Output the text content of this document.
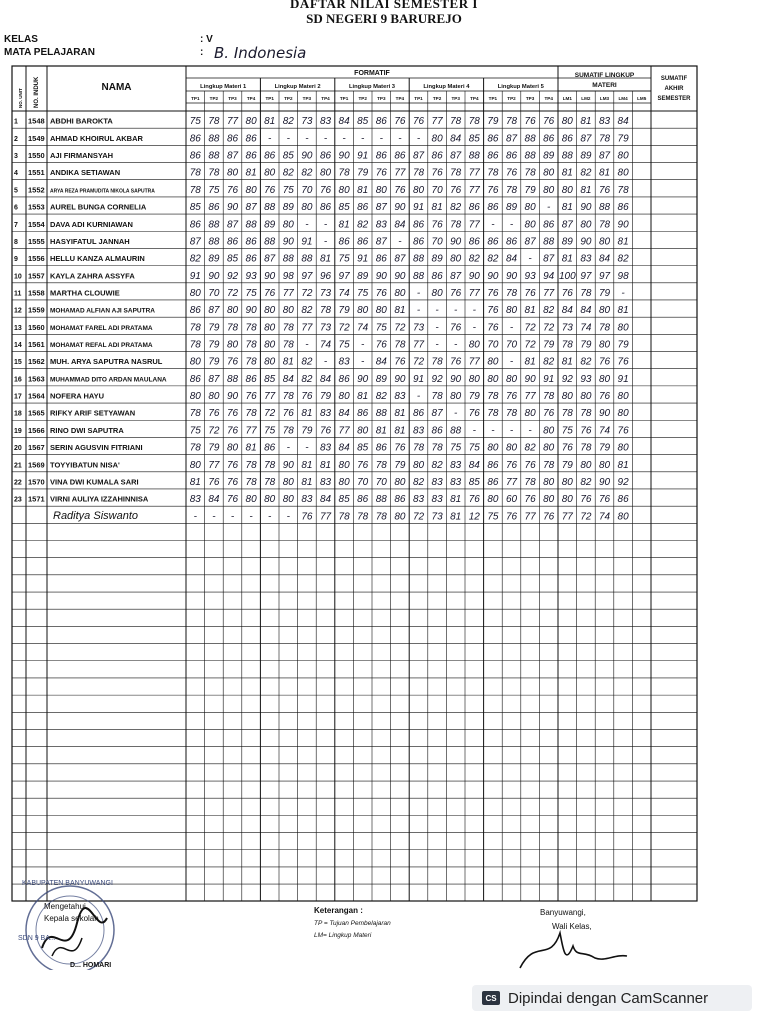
DAFTAR NILAI SEMESTER I
SD NEGERI 9 BARUREJO
KELAS	: V
MATA PELAJARAN	: B. Indonesia
NAMA
NO. UNIT NO. INDUK
FORMATIF	SUMATIF LINGKUP
MATERI
SUMATIF
AKHIR
SEMESTER
Lingkup Materi 1	Lingkup Materi 2	Lingkup Materi 3	Lingkup Materi 4	Lingkup Materi 5
TP1 TP2 TP3 TP4 TP1 TP2 TP3 TP4 TP1 TP2 TP3 TP4 TP1 TP2 TP3 TP4 TP1 TP2 TP3 TP4 LM1 LM2 LM3 LM4 LM5
1 1548 ABDHI BAROKTA	75 78 77 80 81 82 73 83 84 85 86 76 76 77 78 78 79 78 76 76 80 81 83 84
2 1549 AHMAD KHOIRUL AKBAR	86 88 86 86 - - - - - - - - - 80 84 85 86 87 88 86 86 87 78 79
3 1550 AJI FIRMANSYAH	86 88 87 86 86 85 90 86 90 91 86 86 87 86 87 88 86 86 88 89 88 89 87 80
4 1551 ANDIKA SETIAWAN	78 78 80 81 80 82 82 80 78 79 76 77 78 76 78 77 78 76 78 80 81 82 81 80
5 1552 ARYA REZA PRAMUDITA NIKOLA SAPUTRA	78 75 76 80 76 75 70 76 80 81 80 76 80 70 76 77 76 78 79 80 80 81 76 78
6 1553 AUREL BUNGA CORNELIA	85 86 90 87 88 89 80 86 85 86 87 90 91 81 82 86 86 89 80 - 81 90 88 86
7 1554 DAVA ADI KURNIAWAN	86 88 87 88 89 80 - - 81 82 83 84 86 76 78 77 - - 80 86 87 80 78 90
8 1555 HASYIFATUL JANNAH	87 88 86 86 88 90 91 - 86 86 87 - 86 70 90 86 86 86 87 88 89 90 80 81
9 1556 HELLU KANZA ALMAURIN	82 89 85 86 87 88 88 81 75 91 86 87 88 89 80 82 82 84 - 87 81 83 84 82
10 1557 KAYLA ZAHRA ASSYFA	91 90 92 93 90 98 97 96 97 89 90 90 88 86 87 90 90 90 93 94 100 97 97 98
11 1558 MARTHA CLOUWIE	80 70 72 75 76 77 72 73 74 75 76 80 - 80 76 77 76 78 76 77 76 78 79 -
12 1559 MOHAMAD ALFIAN AJI SAPUTRA	86 87 80 90 80 80 82 78 79 80 80 81 - - - - 76 80 81 82 84 84 80 81
13 1560 MOHAMAT FAREL ADI PRATAMA	78 79 78 78 80 78 77 73 72 74 75 72 73 - 76 - 76 - 72 72 73 74 78 80
14 1561 MOHAMAT REFAL ADI PRATAMA	78 79 80 78 80 78 - 74 75 - 76 78 77 - - 80 70 70 72 79 78 79 80 79
15 1562 MUH. ARYA SAPUTRA NASRUL	80 79 76 78 80 81 82 - 83 - 84 76 72 78 76 77 80 - 81 82 81 82 76 76
16 1563 MUHAMMAD DITO ARDAN MAULANA 86 87 88 86 85 84 82 84 86 90 89 90 91 92 90 80 80 80 90 91 92 93 80 91
17 1564 NOFERA HAYU	80 80 90 76 77 78 76 79 80 81 82 83 - 78 80 79 78 76 77 78 80 80 76 80
18 1565 RIFKY ARIF SETYAWAN	78 76 76 78 72 76 81 83 84 86 88 81 86 87 - 76 78 78 80 76 78 78 90 80
19 1566 RINO DWI SAPUTRA	75 72 76 77 75 78 79 76 77 80 81 81 83 86 88 - - - - 80 75 76 74 76
20 1567 SERIN AGUSVIN FITRIANI	78 79 80 81 86 - - 83 84 85 86 76 78 78 75 75 80 80 82 80 76 78 79 80
21 1569 TOYYIBATUN NISA'	80 77 76 78 78 90 81 81 80 76 78 79 80 82 83 84 86 76 76 78 79 80 80 81
22 1570 VINA DWI KUMALA SARI	81 76 76 78 78 80 81 83 80 70 70 80 82 83 83 85 86 77 78 80 80 82 90 92
23 1571 VIRNI AULIYA IZZAHINNISA	83 84 76 80 80 80 83 84 85 86 88 86 83 83 81 76 80 60 76 80 80 76 76 86
Raditya Siswanto	- - - - - - 76 77 78 78 78 80 72 73 81 12 75 76 77 76 77 72 74 80
KABUPATEN BANYUWANGI
SDN 9 BA...
Mengetahui,
Kepala sekolah
D... HOMARI
Keterangan :
TP = Tujuan Pembelajaran
LM= Lingkup Materi
Banyuwangi,
Wali Kelas,
CS Dipindai dengan CamScanner
